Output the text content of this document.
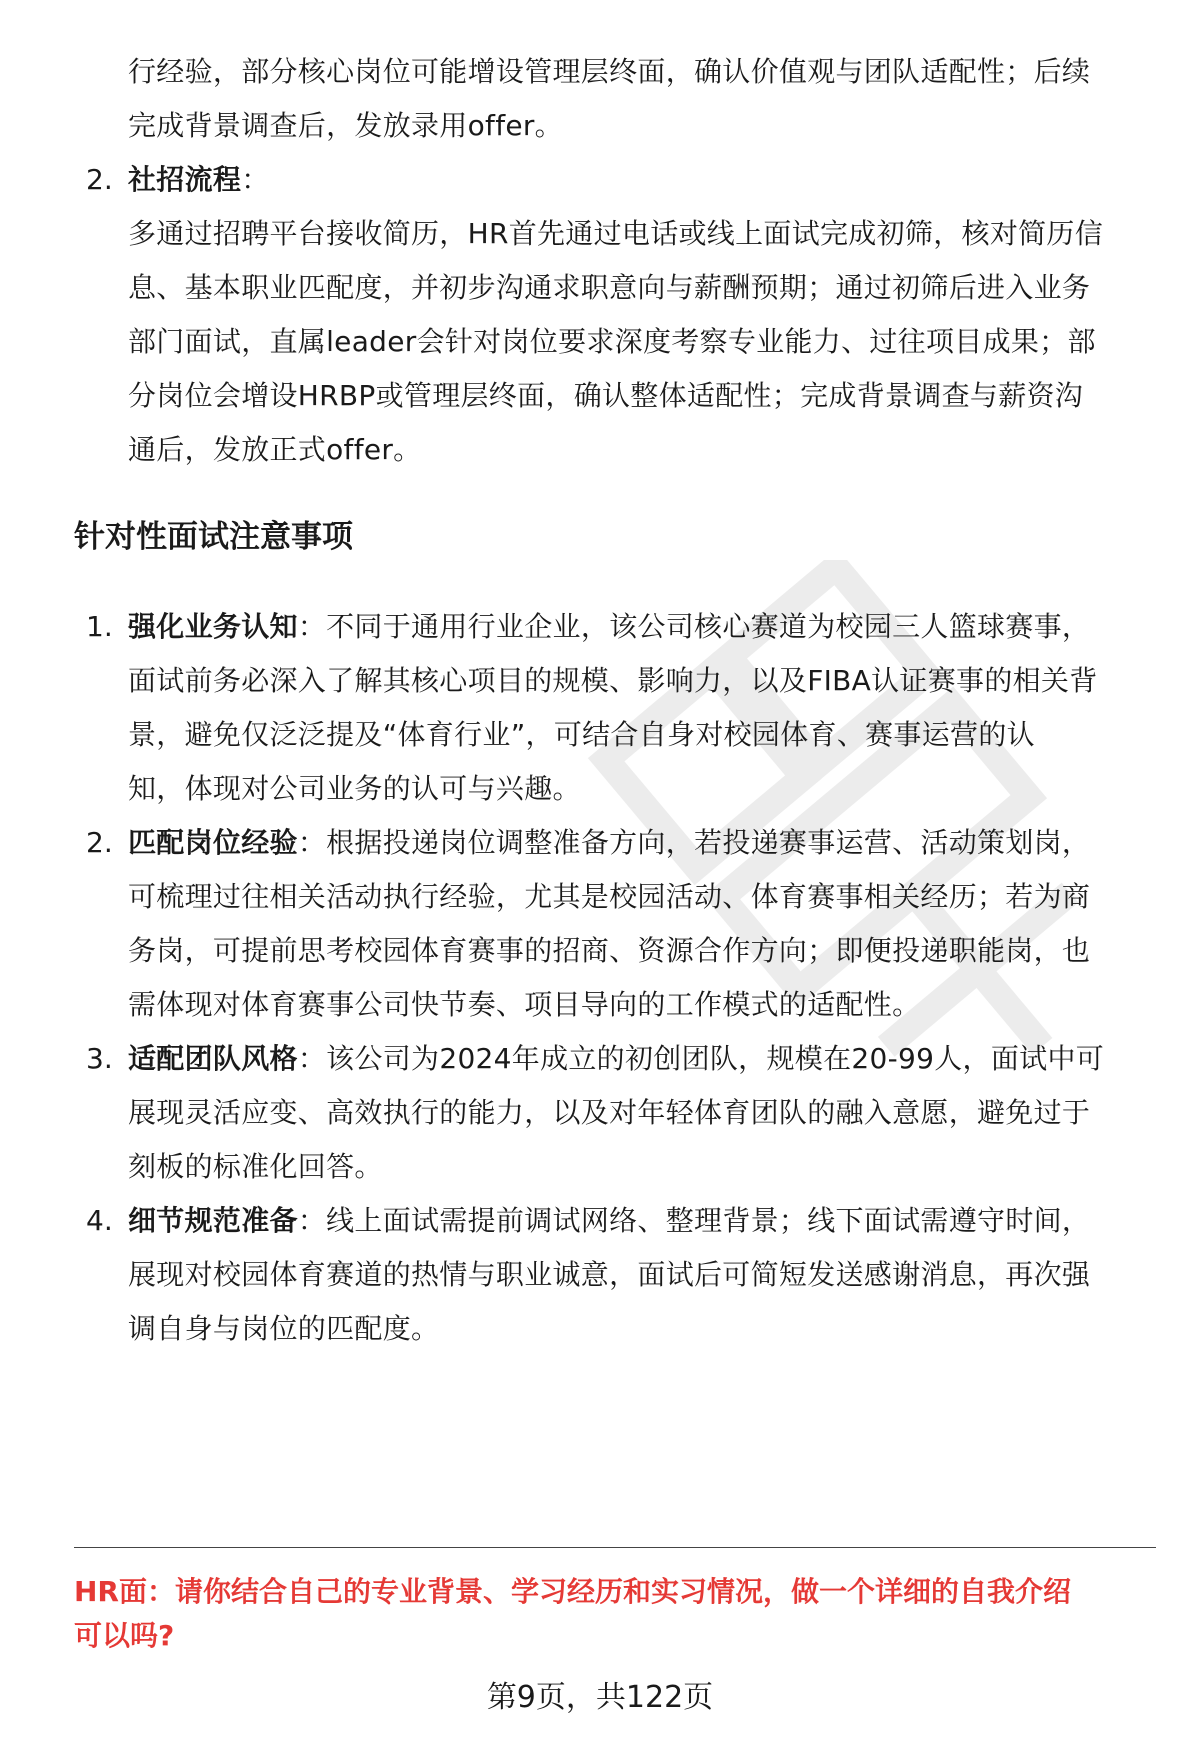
行经验，部分核心岗位可能增设管理层终面，确认价值观与团队适配性；后续
完成背景调查后，发放录用offer。
2. 社招流程：
多通过招聘平台接收简历，HR首先通过电话或线上面试完成初筛，核对简历信
息、基本职业匹配度，并初步沟通求职意向与薪酬预期；通过初筛后进入业务
部门面试，直属leader会针对岗位要求深度考察专业能力、过往项目成果；部
分岗位会增设HRBP或管理层终面，确认整体适配性；完成背景调查与薪资沟
通后，发放正式offer。
针对性面试注意事项
1. 强化业务认知：不同于通用行业企业，该公司核心赛道为校园三人篮球赛事，
面试前务必深入了解其核心项目的规模、影响力，以及FIBA认证赛事的相关背
景，避免仅泛泛提及“体育行业”，可结合自身对校园体育、赛事运营的认
知，体现对公司业务的认可与兴趣。
2. 匹配岗位经验：根据投递岗位调整准备方向，若投递赛事运营、活动策划岗，
可梳理过往相关活动执行经验，尤其是校园活动、体育赛事相关经历；若为商
务岗，可提前思考校园体育赛事的招商、资源合作方向；即便投递职能岗，也
需体现对体育赛事公司快节奏、项目导向的工作模式的适配性。
3. 适配团队风格：该公司为2024年成立的初创团队，规模在20-99人，面试中可
展现灵活应变、高效执行的能力，以及对年轻体育团队的融入意愿，避免过于
刻板的标准化回答。
4. 细节规范准备：线上面试需提前调试网络、整理背景；线下面试需遵守时间，
展现对校园体育赛道的热情与职业诚意，面试后可简短发送感谢消息，再次强
调自身与岗位的匹配度。
HR面：请你结合自己的专业背景、学习经历和实习情况，做一个详细的自我介绍
可以吗?
第9页，共122页
